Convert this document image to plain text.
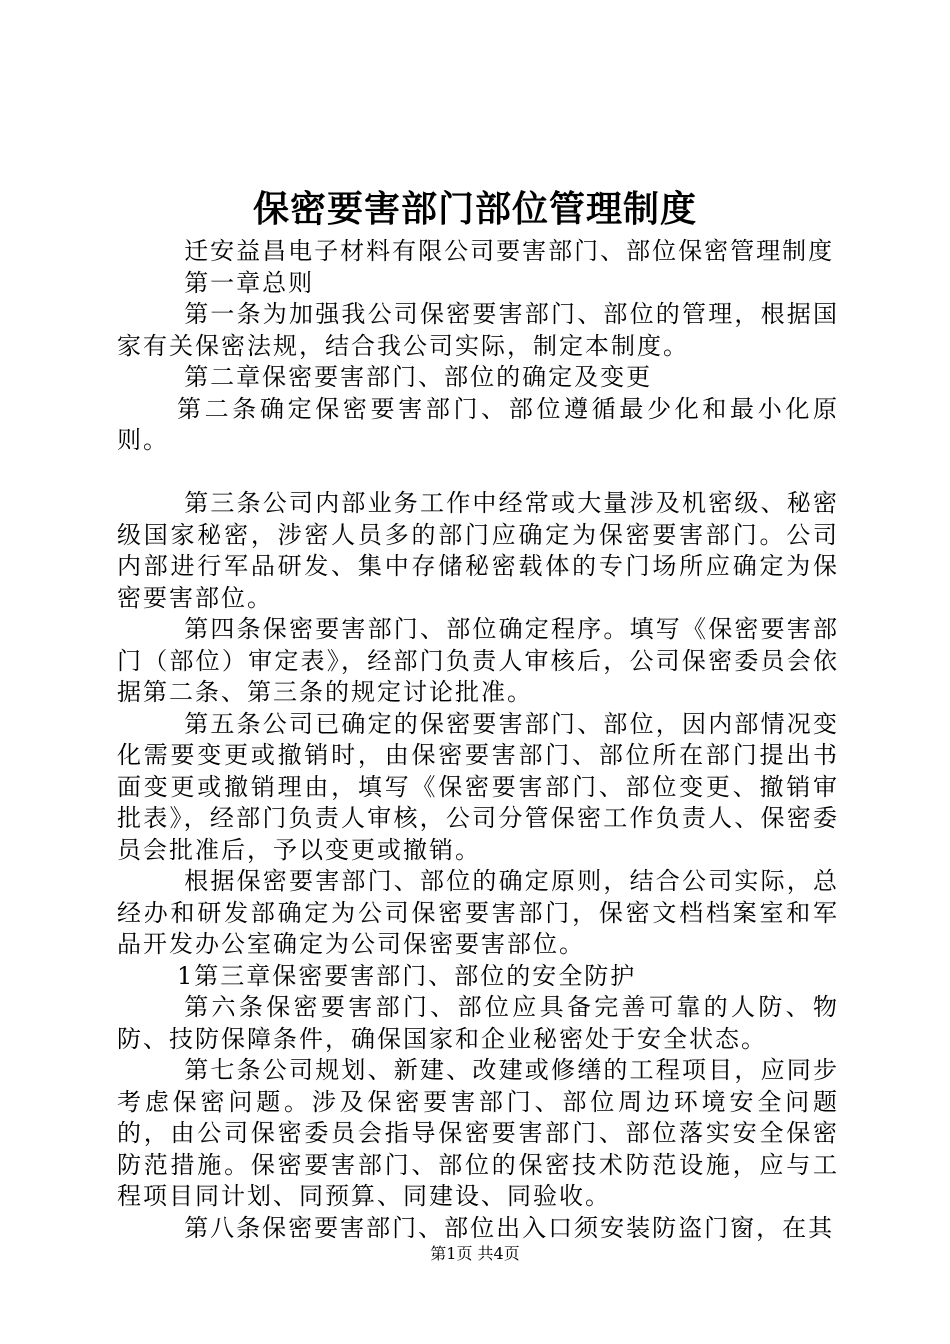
保密要害部门部位管理制度

迁安益昌电子材料有限公司要害部门、部位保密管理制度

第一章总则

第一条为加强我公司保密要害部门、部位的管理，根据国家有关保密法规，结合我公司实际，制定本制度。

第二章保密要害部门、部位的确定及变更

第二条确定保密要害部门、部位遵循最少化和最小化原则。

第三条公司内部业务工作中经常或大量涉及机密级、秘密级国家秘密，涉密人员多的部门应确定为保密要害部门。公司内部进行军品研发、集中存储秘密载体的专门场所应确定为保密要害部位。

第四条保密要害部门、部位确定程序。填写《保密要害部门（部位）审定表》，经部门负责人审核后，公司保密委员会依据第二条、第三条的规定讨论批准。

第五条公司已确定的保密要害部门、部位，因内部情况变化需要变更或撤销时，由保密要害部门、部位所在部门提出书面变更或撤销理由，填写《保密要害部门、部位变更、撤销审批表》，经部门负责人审核，公司分管保密工作负责人、保密委员会批准后，予以变更或撤销。

根据保密要害部门、部位的确定原则，结合公司实际，总经办和研发部确定为公司保密要害部门，保密文档档案室和军品开发办公室确定为公司保密要害部位。

1第三章保密要害部门、部位的安全防护

第六条保密要害部门、部位应具备完善可靠的人防、物防、技防保障条件，确保国家和企业秘密处于安全状态。

第七条公司规划、新建、改建或修缮的工程项目，应同步考虑保密问题。涉及保密要害部门、部位周边环境安全问题的，由公司保密委员会指导保密要害部门、部位落实安全保密防范措施。保密要害部门、部位的保密技术防范设施，应与工程项目同计划、同预算、同建设、同验收。

第八条保密要害部门、部位出入口须安装防盗门窗，在其

第1页 共4页
